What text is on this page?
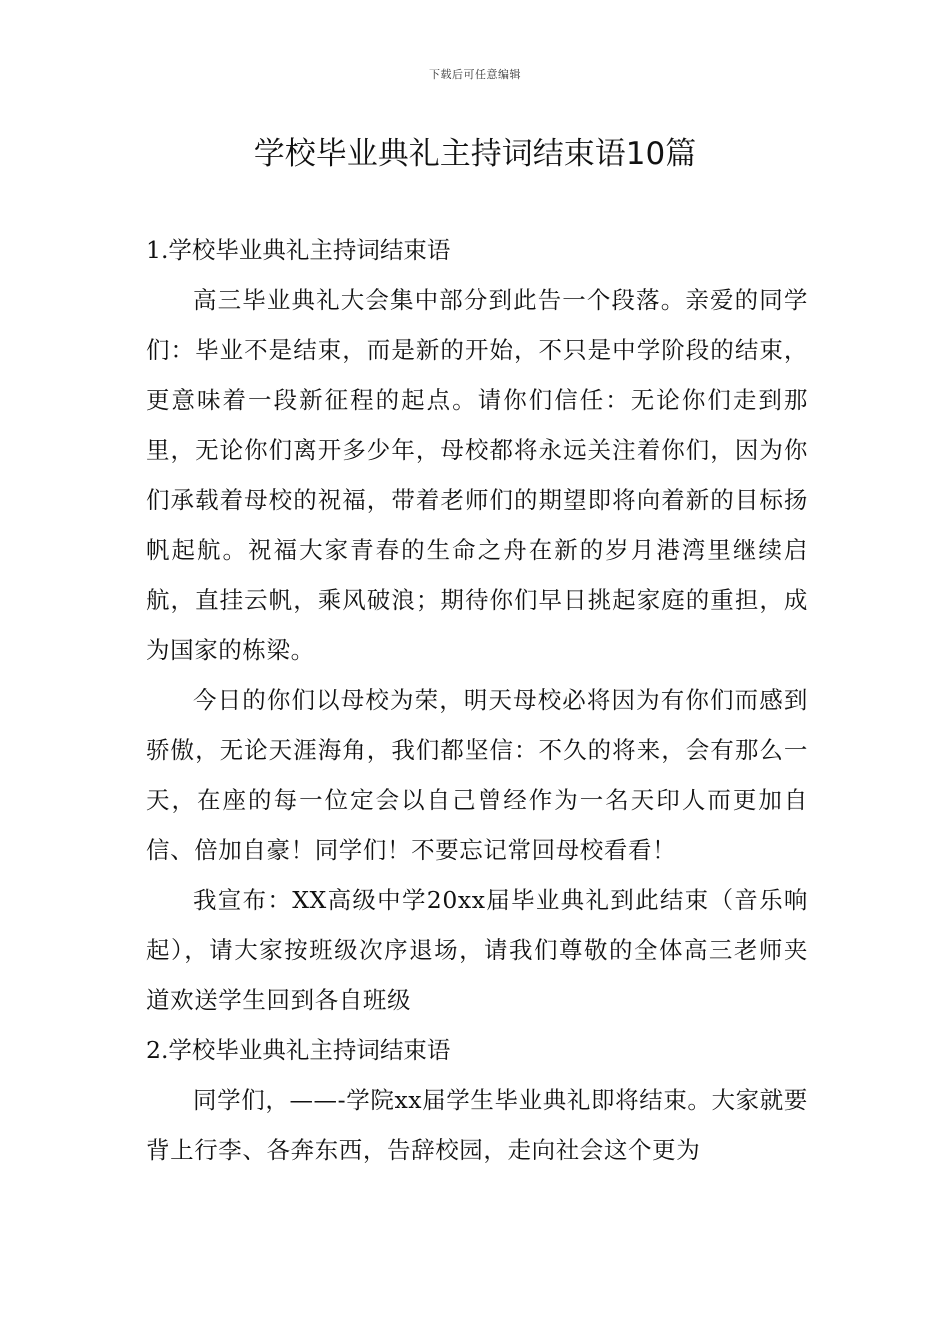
下载后可任意编辑
学校毕业典礼主持词结束语10篇
1.学校毕业典礼主持词结束语

高三毕业典礼大会集中部分到此告一个段落。亲爱的同学们：毕业不是结束，而是新的开始，不只是中学阶段的结束，更意味着一段新征程的起点。请你们信任：无论你们走到那里，无论你们离开多少年，母校都将永远关注着你们，因为你们承载着母校的祝福，带着老师们的期望即将向着新的目标扬帆起航。祝福大家青春的生命之舟在新的岁月港湾里继续启航，直挂云帆，乘风破浪；期待你们早日挑起家庭的重担，成为国家的栋梁。

今日的你们以母校为荣，明天母校必将因为有你们而感到骄傲，无论天涯海角，我们都坚信：不久的将来，会有那么一天，在座的每一位定会以自己曾经作为一名天印人而更加自信、倍加自豪！同学们！不要忘记常回母校看看！

我宣布：XX高级中学20xx届毕业典礼到此结束（音乐响起），请大家按班级次序退场，请我们尊敬的全体高三老师夹道欢送学生回到各自班级

2.学校毕业典礼主持词结束语

同学们，——-学院xx届学生毕业典礼即将结束。大家就要背上行李、各奔东西，告辞校园，走向社会这个更为
